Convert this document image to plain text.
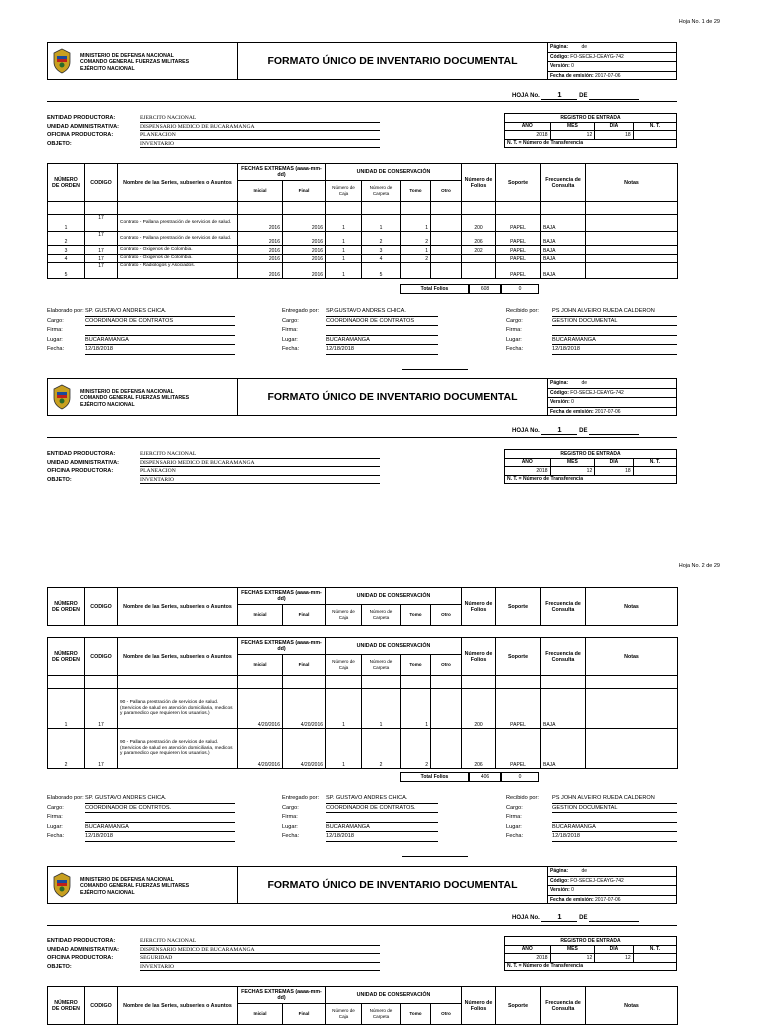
Hoja No. 1 de 29
MINISTERIO DE DEFENSA NACIONAL
COMANDO GENERAL FUERZAS MILITARES
EJÉRCITO NACIONAL
FORMATO ÚNICO DE INVENTARIO DOCUMENTAL
Página:	de
Código: FO-SECEJ-CEAYG-742
Versión: 0
Fecha de emisión: 2017-07-06
HOJA No. 1	DE
ENTIDAD PRODUCTORA:	EJERCITO NACIONAL
UNIDAD ADMINISTRATIVA:	DISPENSARIO MEDICO DE BUCARAMANGA
OFICINA PRODUCTORA:	PLANEACION
OBJETO:	INVENTARIO
REGISTRO DE ENTRADA			
AÑO	MES	DIA	N. T.
2018	12	18	
N. T. = Número de Transferencia			
NÚMERO DE ORDEN	CODIGO	Nombre de las Series, subseries o Asuntos	FECHAS EXTREMAS (aaaa-mm-dd)		UNIDAD DE CONSERVACIÓN				Número de Folios	Soporte	Frecuencia de Consulta	Notas
			Inicial	Final	Número de Caja	Número de Carpeta	Tomo	Otro				

1	17	Contrato - Pallana prestración de servicios de salud.	2016	2016	1	1	1		200	PAPEL	BAJA	
2	17	Contrato - Pallana prestración de servicios de salud.	2016	2016	1	2	2		206	PAPEL	BAJA	
3	17	Contrato - Oxigenos de Colombia.	2016	2016	1	3	1		202	PAPEL	BAJA	
4	17	Contrato - Oxigenos de Colombia.	2016	2016	1	4	2			PAPEL	BAJA	
5	17	Contrato - Radiologos y Asociados.	2016	2016	1	5				PAPEL	BAJA	
Total Folios	608	0
Elaborado por: SP. GUSTAVO ANDRES CHICA.
Cargo:	COORDINADOR DE CONTRATOS
Firma:
Lugar:	BUCARAMANGA
Fecha:	12/18/2018
Entregado por:	SP.GUSTAVO ANDRES CHICA.
Cargo:	COORDINADOR DE CONTRATOS
Firma:
Lugar:	BUCARAMANGA
Fecha:	12/18/2018
Recibido por:	PS JOHN ALVEIRO RUEDA CALDERON
Cargo:	GESTION DOCUMENTAL
Firma:
Lugar:	BUCARAMANGA
Fecha:	12/18/2018
MINISTERIO DE DEFENSA NACIONAL
COMANDO GENERAL FUERZAS MILITARES
EJÉRCITO NACIONAL
FORMATO ÚNICO DE INVENTARIO DOCUMENTAL
Página:	de
Código: FO-SECEJ-CEAYG-742
Versión: 0
Fecha de emisión: 2017-07-06
HOJA No. 1	DE
ENTIDAD PRODUCTORA:	EJERCITO NACIONAL
UNIDAD ADMINISTRATIVA:	DISPENSARIO MEDICO DE BUCARAMANGA
OFICINA PRODUCTORA:	PLANEACION
OBJETO:	INVENTARIO
REGISTRO DE ENTRADA			
AÑO	MES	DIA	N. T.
2018	12	18	
N. T. = Número de Transferencia			
Hoja No. 2 de 29
NÚMERO DE ORDEN	CODIGO	Nombre de las Series, subseries o Asuntos	FECHAS EXTREMAS (aaaa-mm-dd)		UNIDAD DE CONSERVACIÓN				Número de Folios	Soporte	Frecuencia de Consulta	Notas
			Inicial	Final	Número de Caja	Número de Carpeta	Tomo	Otro				
NÚMERO DE ORDEN	CODIGO	Nombre de las Series, subseries o Asuntos	FECHAS EXTREMAS (aaaa-mm-dd)		UNIDAD DE CONSERVACIÓN				Número de Folios	Soporte	Frecuencia de Consulta	Notas
			Inicial	Final	Número de Caja	Número de Carpeta	Tomo	Otro				

1	17	90 - Pallana prestración de servicios de salud. (Servicios de salud en atención domiciliaria, medicos y paramedico que requieren los usuarios.)	4/20/2016	4/20/2016	1	1	1		200	PAPEL	BAJA	
2	17	90 - Pallana prestración de servicios de salud. (Servicios de salud en atención domiciliaria, medicos y paramedico que requieren los usuarios.)	4/20/2016	4/20/2016	1	2	2		206	PAPEL	BAJA	
Total Folios	406	0
Elaborado por: SP. GUSTAVO ANDRES CHICA.
Cargo:	COORDINADOR DE CONTRTOS.
Firma:
Lugar:	BUCARAMANGA
Fecha:	12/18/2018
Entregado por:	SP. GUSTAVO ANDRES CHICA.
Cargo:	COORDINADOR DE CONTRATOS.
Firma:
Lugar:	BUCARAMANGA
Fecha:	12/18/2018
Recibido por:	PS JOHN ALVEIRO RUEDA CALDERON
Cargo:	GESTION DOCUMENTAL
Firma:
Lugar:	BUCARAMANGA
Fecha:	12/18/2018
MINISTERIO DE DEFENSA NACIONAL
COMANDO GENERAL FUERZAS MILITARES
EJÉRCITO NACIONAL
FORMATO ÚNICO DE INVENTARIO DOCUMENTAL
Página:	de
Código: FO-SECEJ-CEAYG-742
Versión: 0
Fecha de emisión: 2017-07-06
HOJA No. 1	DE
ENTIDAD PRODUCTORA:	EJERCITO NACIONAL
UNIDAD ADMINISTRATIVA:	DISPENSARIO MEDICO DE BUCARAMANGA
OFICINA PRODUCTORA:	SEGURIDAD
OBJETO:	INVENTARIO
REGISTRO DE ENTRADA			
AÑO	MES	DIA	N. T.
2018	12	12	
N. T. = Número de Transferencia			
NÚMERO DE ORDEN	CODIGO	Nombre de las Series, subseries o Asuntos	FECHAS EXTREMAS (aaaa-mm-dd)		UNIDAD DE CONSERVACIÓN				Número de Folios	Soporte	Frecuencia de Consulta	Notas
			Inicial	Final	Número de Caja	Número de Carpeta	Tomo	Otro				
